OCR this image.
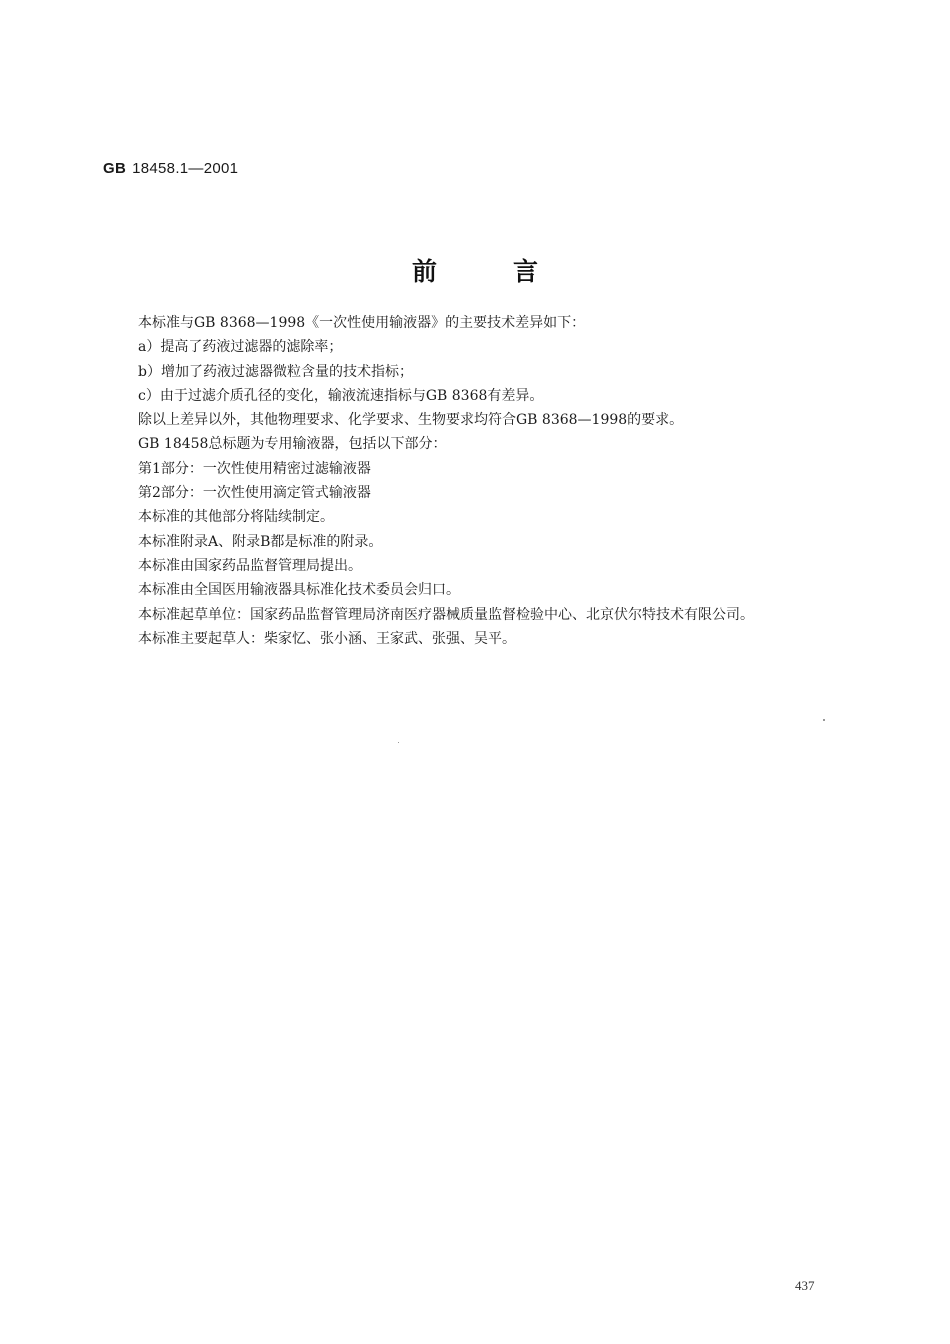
GB 18458.1—2001
前言

本标准与GB 8368—1998《一次性使用输液器》的主要技术差异如下：

a）提高了药液过滤器的滤除率；

b）增加了药液过滤器微粒含量的技术指标；

c）由于过滤介质孔径的变化，输液流速指标与GB 8368有差异。

除以上差异以外，其他物理要求、化学要求、生物要求均符合GB 8368—1998的要求。

GB 18458总标题为专用输液器，包括以下部分：

第1部分：一次性使用精密过滤输液器

第2部分：一次性使用滴定管式输液器

本标准的其他部分将陆续制定。

本标准附录A、附录B都是标准的附录。

本标准由国家药品监督管理局提出。

本标准由全国医用输液器具标准化技术委员会归口。

本标准起草单位：国家药品监督管理局济南医疗器械质量监督检验中心、北京伏尔特技术有限公司。

本标准主要起草人：柴家忆、张小涵、王家武、张强、吴平。

437
